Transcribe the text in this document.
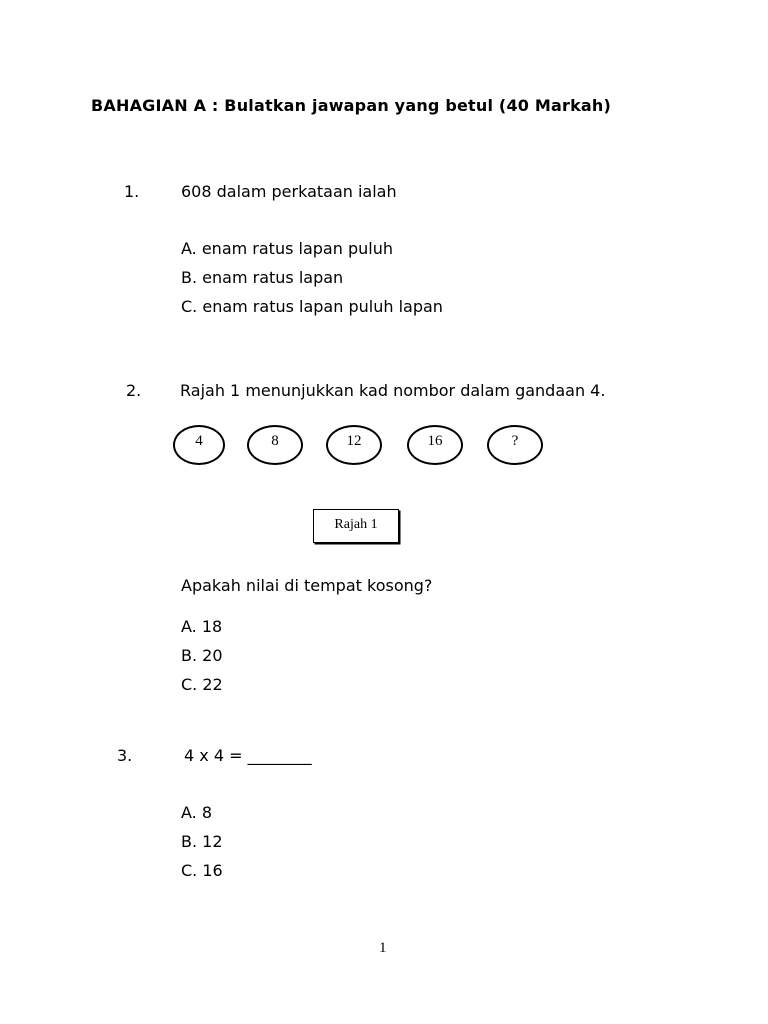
BAHAGIAN A : Bulatkan jawapan yang betul (40 Markah)
1.	608 dalam perkataan ialah
A. enam ratus lapan puluh
B. enam ratus lapan
C. enam ratus lapan puluh lapan
2. Rajah 1 menunjukkan kad nombor dalam gandaan 4.
4	8	12	16	?
Rajah 1
Apakah nilai di tempat kosong?
A. 18
B. 20
C. 22
3.	4 x 4 = ________
A. 8
B. 12
C. 16
1
